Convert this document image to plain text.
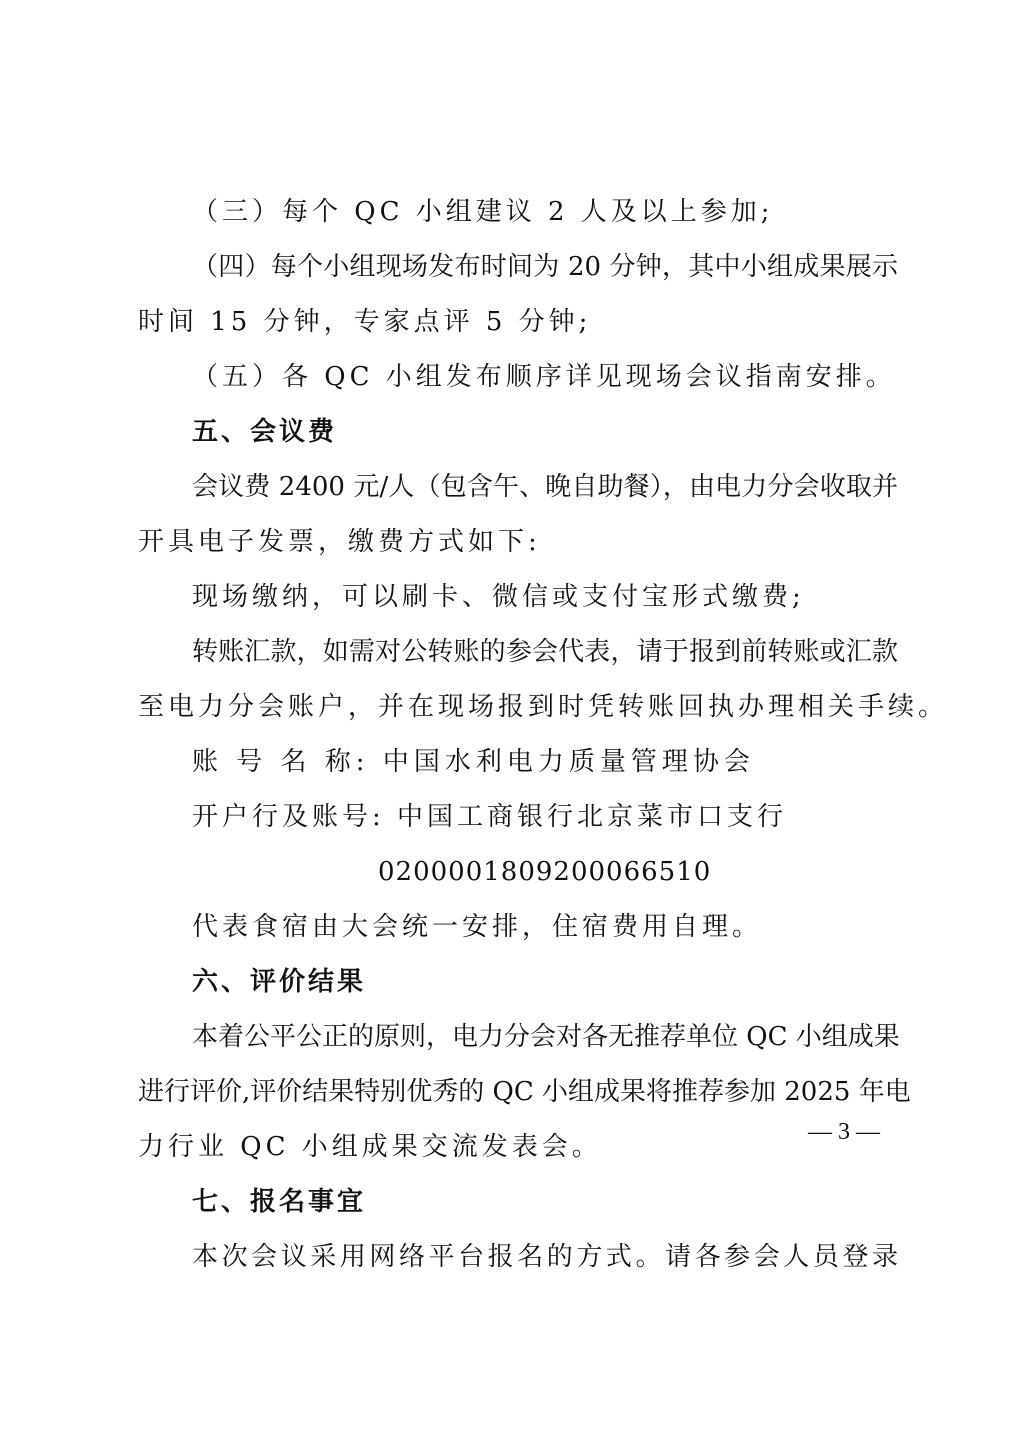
（三）每个 QC 小组建议 2 人及以上参加;
（四）每个小组现场发布时间为 20 分钟，其中小组成果展示
时间 15 分钟，专家点评 5 分钟;
（五）各 QC 小组发布顺序详见现场会议指南安排。
五、会议费
会议费 2400 元/人（包含午、晚自助餐），由电力分会收取并
开具电子发票，缴费方式如下:
现场缴纳，可以刷卡、微信或支付宝形式缴费;
转账汇款，如需对公转账的参会代表，请于报到前转账或汇款
至电力分会账户，并在现场报到时凭转账回执办理相关手续。
账 号 名 称: 中国水利电力质量管理协会
开户行及账号: 中国工商银行北京菜市口支行
0200001809200066510
代表食宿由大会统一安排，住宿费用自理。
六、评价结果
本着公平公正的原则，电力分会对各无推荐单位 QC 小组成果
进行评价,评价结果特别优秀的 QC 小组成果将推荐参加 2025 年电
力行业 QC 小组成果交流发表会。
七、报名事宜
本次会议采用网络平台报名的方式。请各参会人员登录
— 3 —
